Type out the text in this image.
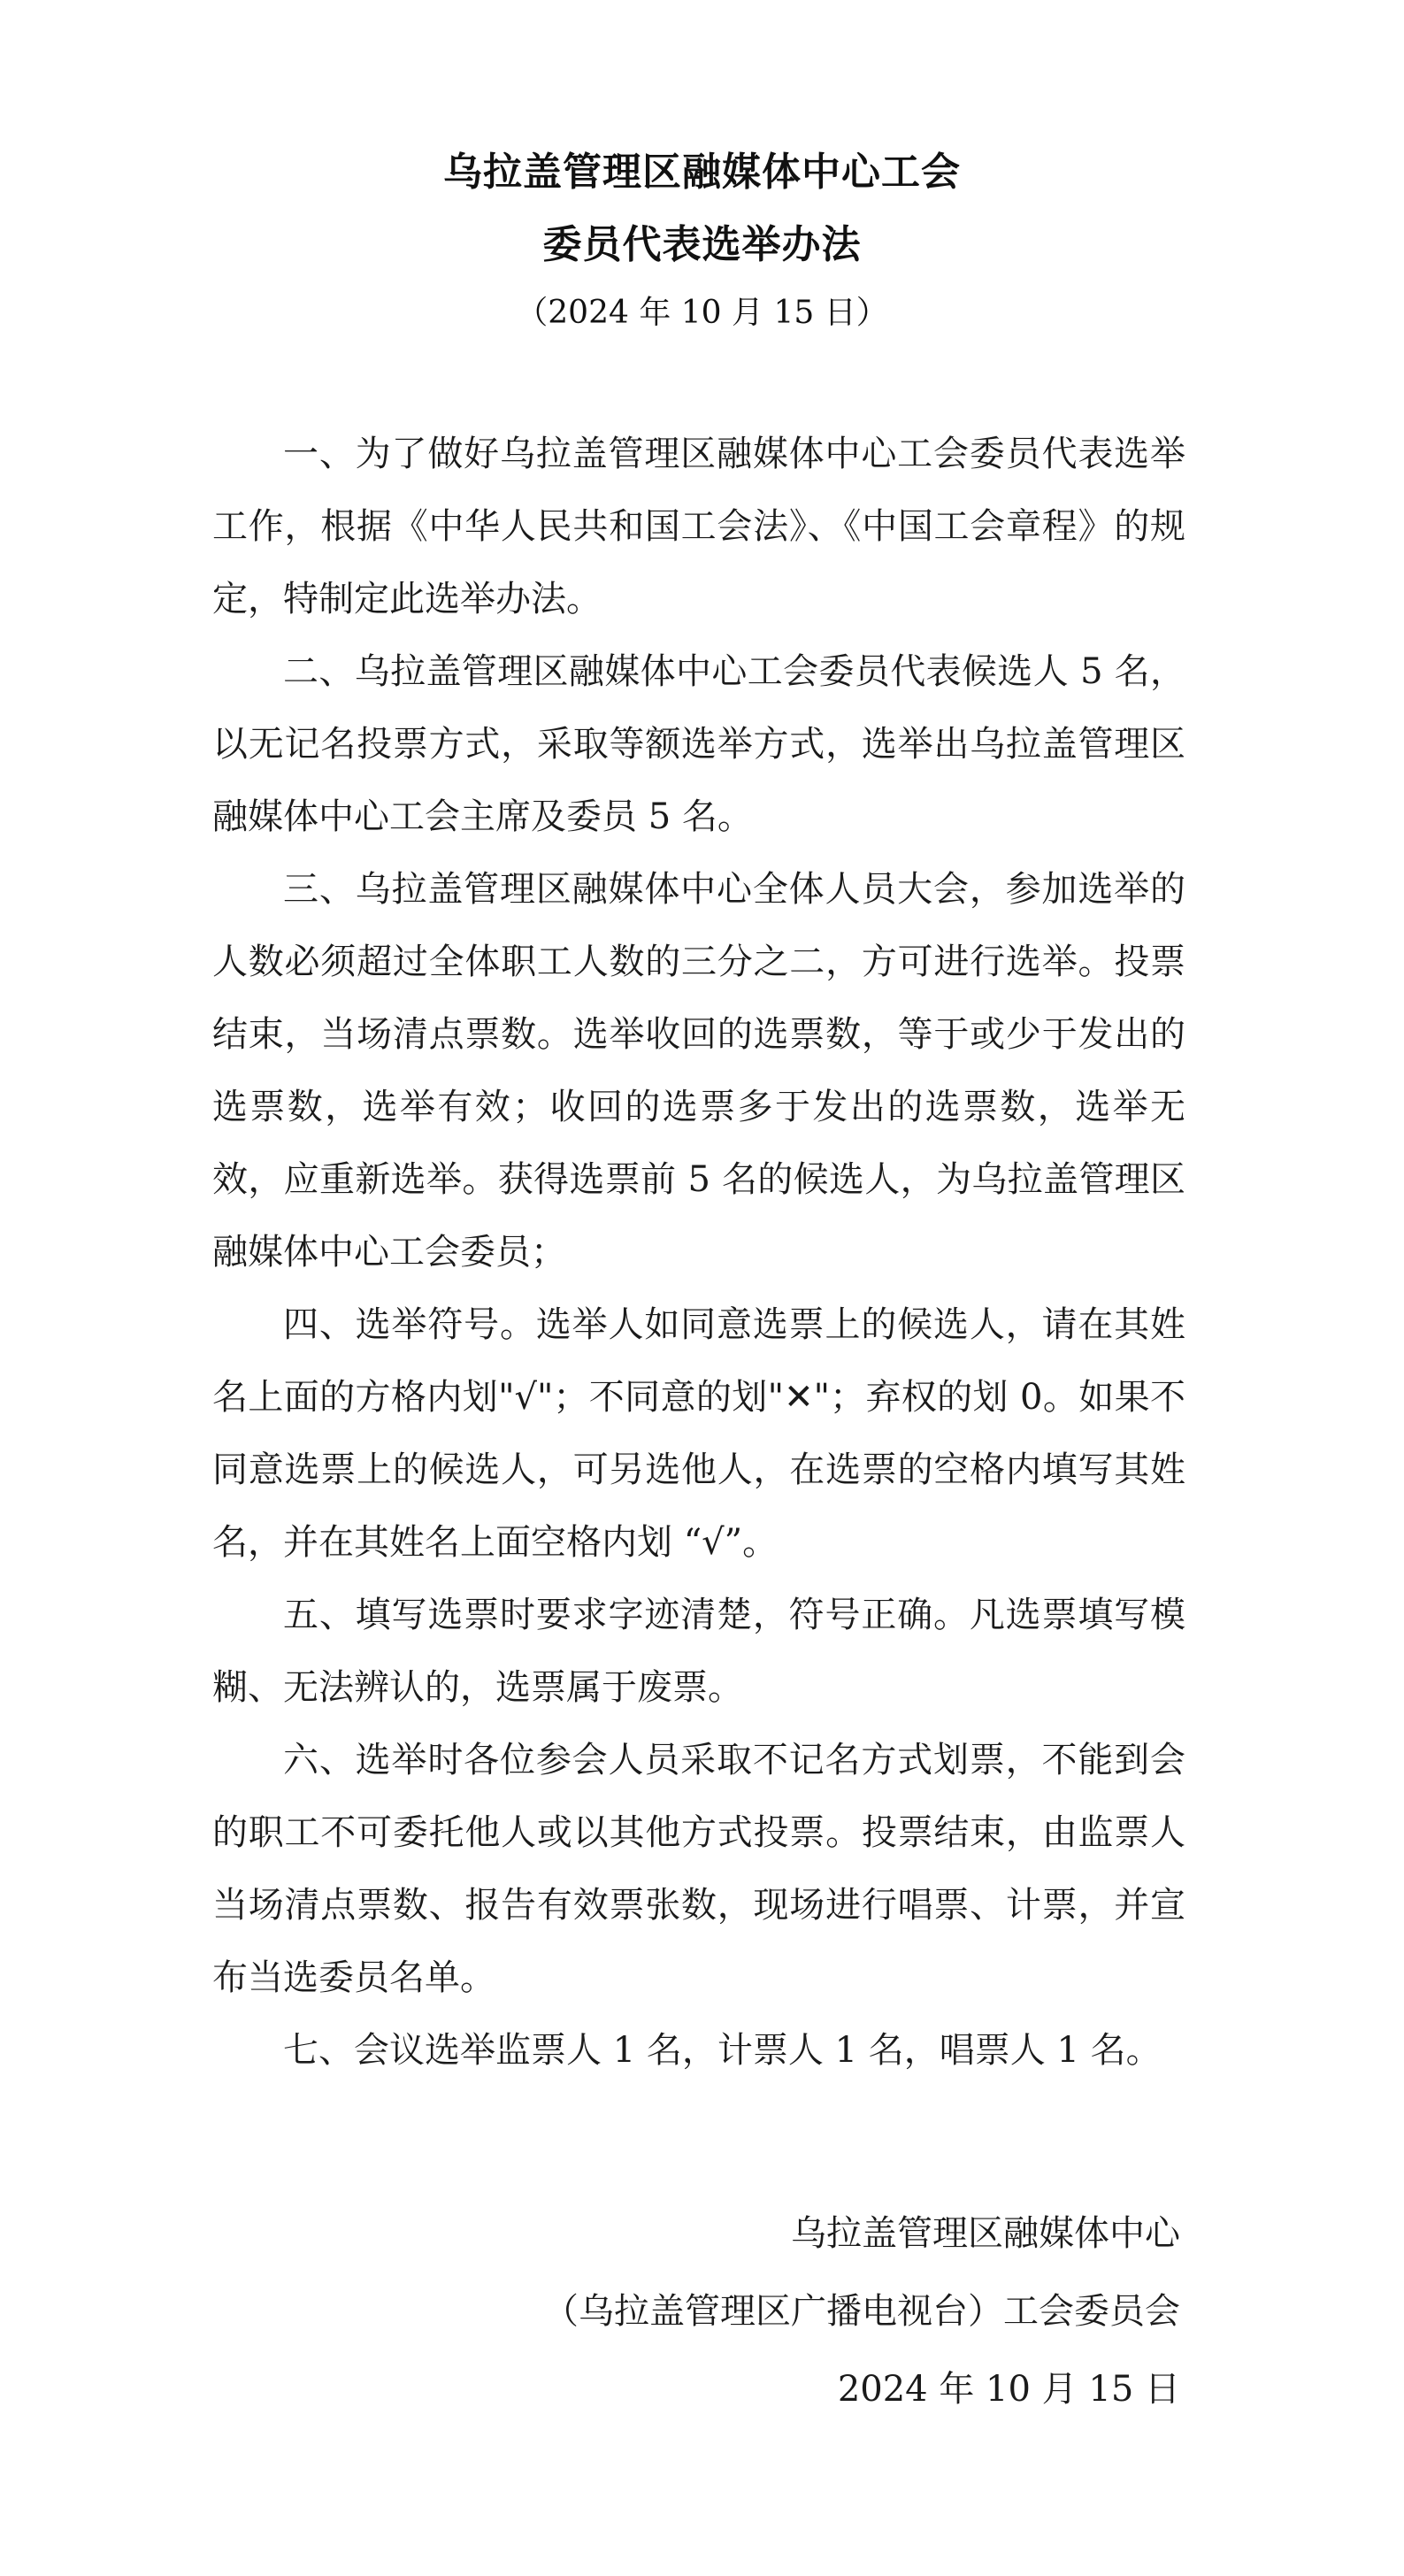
乌拉盖管理区融媒体中心工会
委员代表选举办法
（2024 年 10 月 15 日）

一、为了做好乌拉盖管理区融媒体中心工会委员代表选举工作，根据《中华人民共和国工会法》、《中国工会章程》的规定，特制定此选举办法。

二、乌拉盖管理区融媒体中心工会委员代表候选人 5 名，以无记名投票方式，采取等额选举方式，选举出乌拉盖管理区融媒体中心工会主席及委员 5 名。

三、乌拉盖管理区融媒体中心全体人员大会，参加选举的人数必须超过全体职工人数的三分之二，方可进行选举。投票结束，当场清点票数。选举收回的选票数，等于或少于发出的选票数，选举有效；收回的选票多于发出的选票数，选举无效，应重新选举。获得选票前 5 名的候选人，为乌拉盖管理区融媒体中心工会委员；

四、选举符号。选举人如同意选票上的候选人，请在其姓名上面的方格内划"√"；不同意的划"✕"；弃权的划 0。如果不同意选票上的候选人，可另选他人，在选票的空格内填写其姓名，并在其姓名上面空格内划 “√”。

五、填写选票时要求字迹清楚，符号正确。凡选票填写模糊、无法辨认的，选票属于废票。

六、选举时各位参会人员采取不记名方式划票，不能到会的职工不可委托他人或以其他方式投票。投票结束，由监票人当场清点票数、报告有效票张数，现场进行唱票、计票，并宣布当选委员名单。

七、会议选举监票人 1 名，计票人 1 名，唱票人 1 名。

乌拉盖管理区融媒体中心
（乌拉盖管理区广播电视台）工会委员会
2024 年 10 月 15 日
